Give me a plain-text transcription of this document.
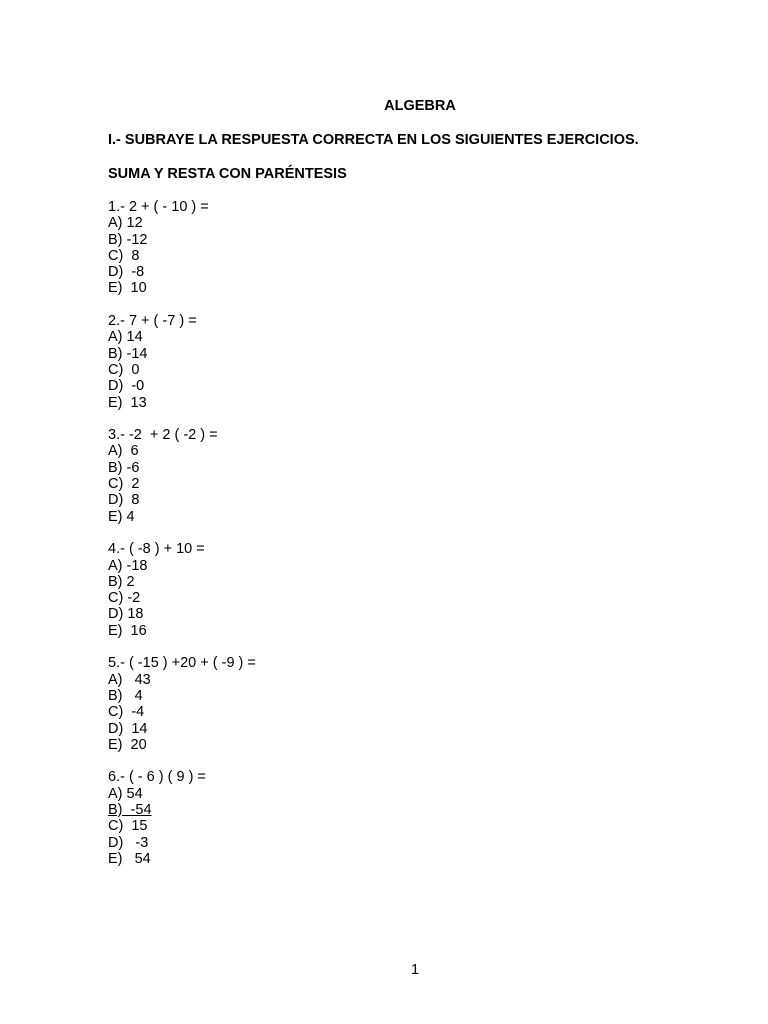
ALGEBRA
I.- SUBRAYE LA RESPUESTA CORRECTA EN LOS SIGUIENTES EJERCICIOS.
SUMA Y RESTA CON PARÉNTESIS
1.- 2 + ( - 10 ) =
A) 12
B) -12
C)  8
D)  -8
E)  10
2.- 7 + ( -7 ) =
A) 14
B) -14
C)  0
D)  -0
E)  13
3.- -2  + 2 ( -2 ) =
A)  6
B) -6
C)  2
D)  8
E) 4
4.- ( -8 ) + 10 =
A) -18
B) 2
C) -2
D) 18
E)  16
5.- ( -15 ) +20 + ( -9 ) =
A)   43
B)   4
C)  -4
D)  14
E)  20
6.- ( - 6 ) ( 9 ) =
A) 54
B)  -54
C)  15
D)   -3
E)   54
1
